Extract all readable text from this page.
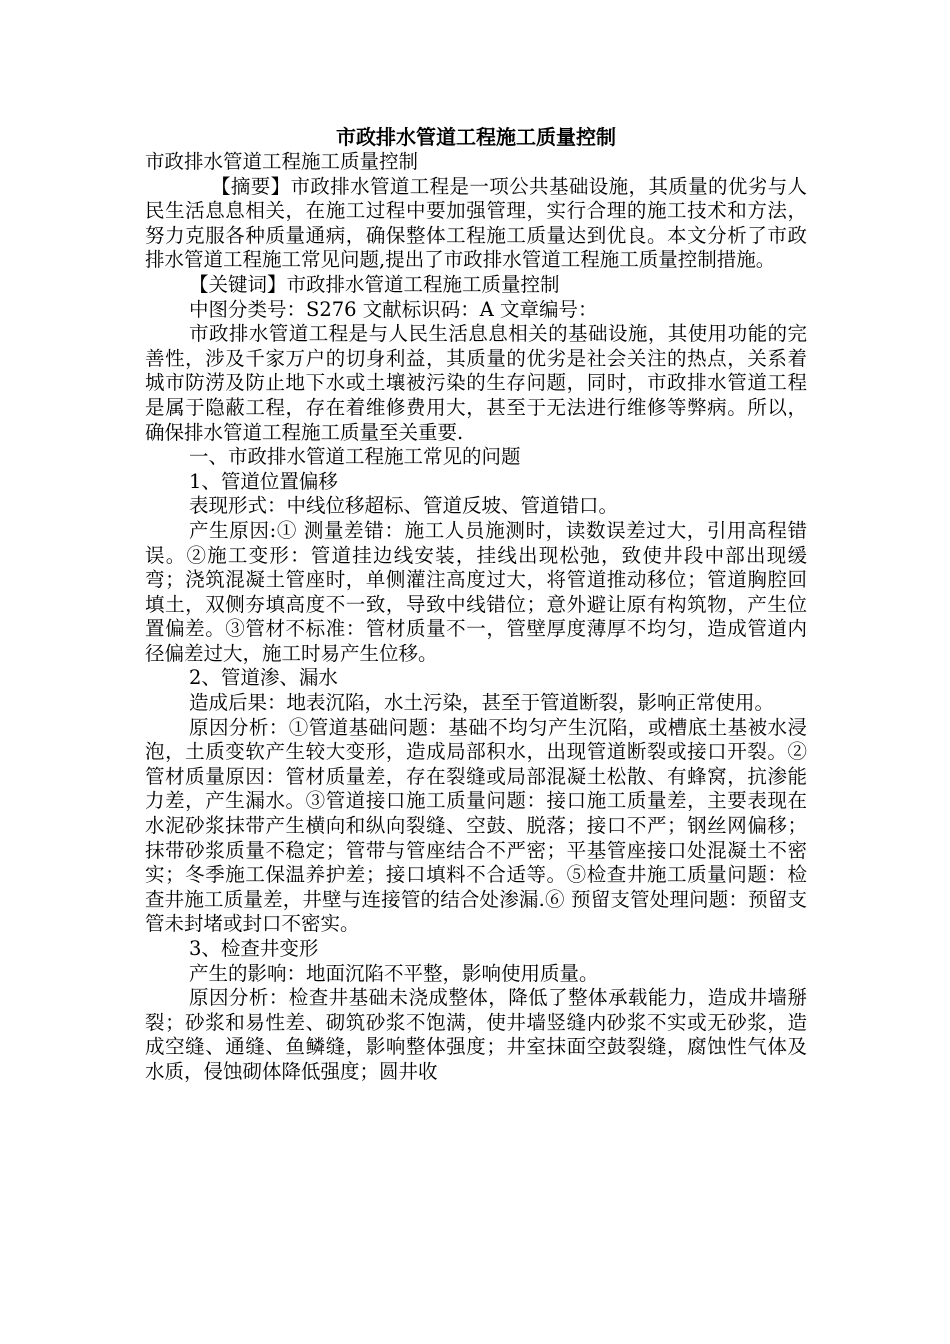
市政排水管道工程施工质量控制

市政排水管道工程施工质量控制

【摘要】市政排水管道工程是一项公共基础设施，其质量的优劣与人民生活息息相关，在施工过程中要加强管理，实行合理的施工技术和方法，努力克服各种质量通病，确保整体工程施工质量达到优良。本文分析了市政排水管道工程施工常见问题,提出了市政排水管道工程施工质量控制措施。

【关键词】市政排水管道工程施工质量控制

中图分类号：S276 文献标识码：A 文章编号：

市政排水管道工程是与人民生活息息相关的基础设施，其使用功能的完善性，涉及千家万户的切身利益，其质量的优劣是社会关注的热点，关系着城市防涝及防止地下水或土壤被污染的生存问题，同时，市政排水管道工程是属于隐蔽工程，存在着维修费用大，甚至于无法进行维修等弊病。所以，确保排水管道工程施工质量至关重要.

一、市政排水管道工程施工常见的问题

1、管道位置偏移

表现形式：中线位移超标、管道反坡、管道错口。

产生原因:① 测量差错：施工人员施测时，读数误差过大，引用高程错误。②施工变形：管道挂边线安装，挂线出现松弛，致使井段中部出现缓弯；浇筑混凝土管座时，单侧灌注高度过大，将管道推动移位；管道胸腔回填土，双侧夯填高度不一致，导致中线错位；意外避让原有构筑物，产生位置偏差。③管材不标准：管材质量不一，管壁厚度薄厚不均匀，造成管道内径偏差过大，施工时易产生位移。

2、管道渗、漏水

造成后果：地表沉陷，水土污染，甚至于管道断裂，影响正常使用。

原因分析：①管道基础问题：基础不均匀产生沉陷，或槽底土基被水浸泡，土质变软产生较大变形，造成局部积水，出现管道断裂或接口开裂。②管材质量原因：管材质量差，存在裂缝或局部混凝土松散、有蜂窝，抗渗能力差，产生漏水。③管道接口施工质量问题：接口施工质量差，主要表现在水泥砂浆抹带产生横向和纵向裂缝、空鼓、脱落；接口不严；钢丝网偏移；抹带砂浆质量不稳定；管带与管座结合不严密；平基管座接口处混凝土不密实；冬季施工保温养护差；接口填料不合适等。⑤检查井施工质量问题：检查井施工质量差，井壁与连接管的结合处渗漏.⑥ 预留支管处理问题：预留支管未封堵或封口不密实。

3、检查井变形

产生的影响：地面沉陷不平整，影响使用质量。

原因分析：检查井基础未浇成整体，降低了整体承载能力，造成井墙掰裂；砂浆和易性差、砌筑砂浆不饱满，使井墙竖缝内砂浆不实或无砂浆，造成空缝、通缝、鱼鳞缝，影响整体强度；井室抹面空鼓裂缝，腐蚀性气体及水质，侵蚀砌体降低强度；圆井收
